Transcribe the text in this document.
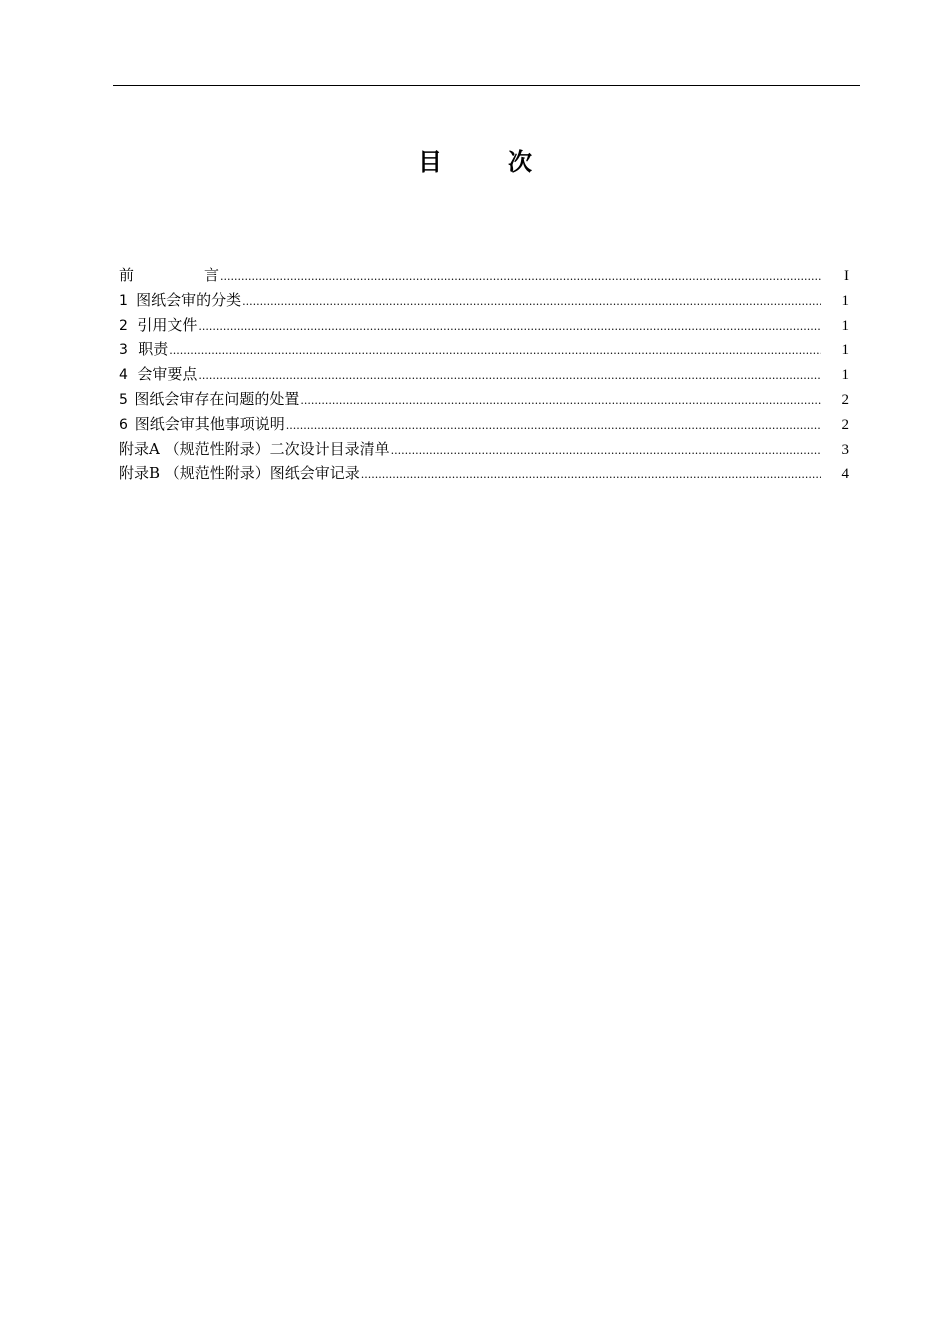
目	次
前	言 .....	I
1 图纸会审的分类 .....	1
2 引用文件 .....	1
3 职责 .....	1
4 会审要点 .....	1
5 图纸会审存在问题的处置 .....	2
6 图纸会审其他事项说明 .....	2
附录A （规范性附录）二次设计目录清单 .....	3
附录B （规范性附录）图纸会审记录 .....	4
